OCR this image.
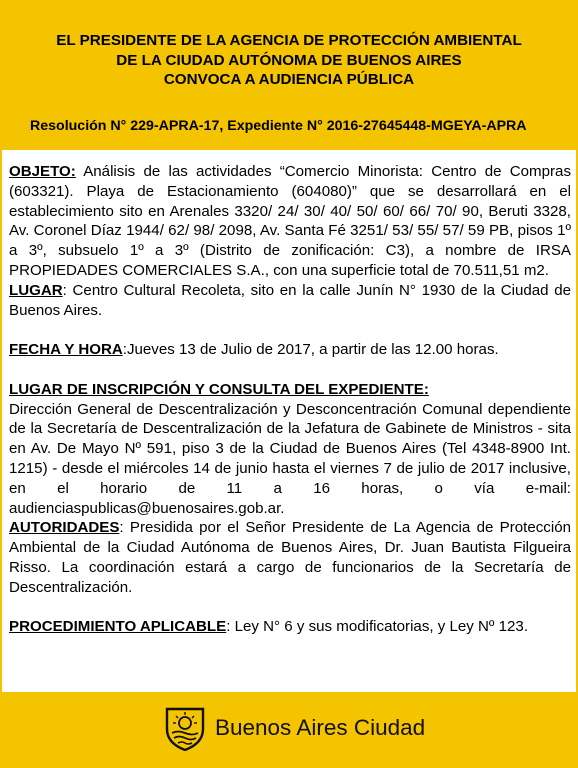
EL PRESIDENTE DE LA AGENCIA DE PROTECCIÓN AMBIENTAL
DE LA CIUDAD AUTÓNOMA DE BUENOS AIRES
CONVOCA A AUDIENCIA PÚBLICA
Resolución N° 229-APRA-17, Expediente N° 2016-27645448-MGEYA-APRA

OBJETO: Análisis de las actividades “Comercio Minorista: Centro de Compras (603321). Playa de Estacionamiento (604080)” que se desarrollará en el establecimiento sito en Arenales 3320/ 24/ 30/ 40/ 50/ 60/ 66/ 70/ 90, Beruti 3328, Av. Coronel Díaz 1944/ 62/ 98/ 2098, Av. Santa Fé 3251/ 53/ 55/ 57/ 59 PB, pisos 1º a 3º, subsuelo 1º a 3º (Distrito de zonificación: C3), a nombre de IRSA PROPIEDADES COMERCIALES S.A., con una superficie total de 70.511,51 m2.

LUGAR: Centro Cultural Recoleta, sito en la calle Junín N° 1930 de la Ciudad de Buenos Aires.

FECHA Y HORA:Jueves 13 de Julio de 2017, a partir de las 12.00 horas.

LUGAR DE INSCRIPCIÓN Y CONSULTA DEL EXPEDIENTE:

Dirección General de Descentralización y Desconcentración Comunal dependiente de la Secretaría de Descentralización de la Jefatura de Gabinete de Ministros - sita en Av. De Mayo Nº 591, piso 3 de la Ciudad de Buenos Aires (Tel 4348-8900 Int. 1215) - desde el miércoles 14 de junio hasta el viernes 7 de julio de 2017 inclusive, en el horario de 11 a 16 horas, o vía e-mail: audienciaspublicas@buenosaires.gob.ar.

AUTORIDADES: Presidida por el Señor Presidente de La Agencia de Protección Ambiental de la Ciudad Autónoma de Buenos Aires, Dr. Juan Bautista Filgueira Risso. La coordinación estará a cargo de funcionarios de la Secretaría de Descentralización.

PROCEDIMIENTO APLICABLE: Ley N° 6 y sus modificatorias, y Ley Nº 123.

Buenos Aires Ciudad
